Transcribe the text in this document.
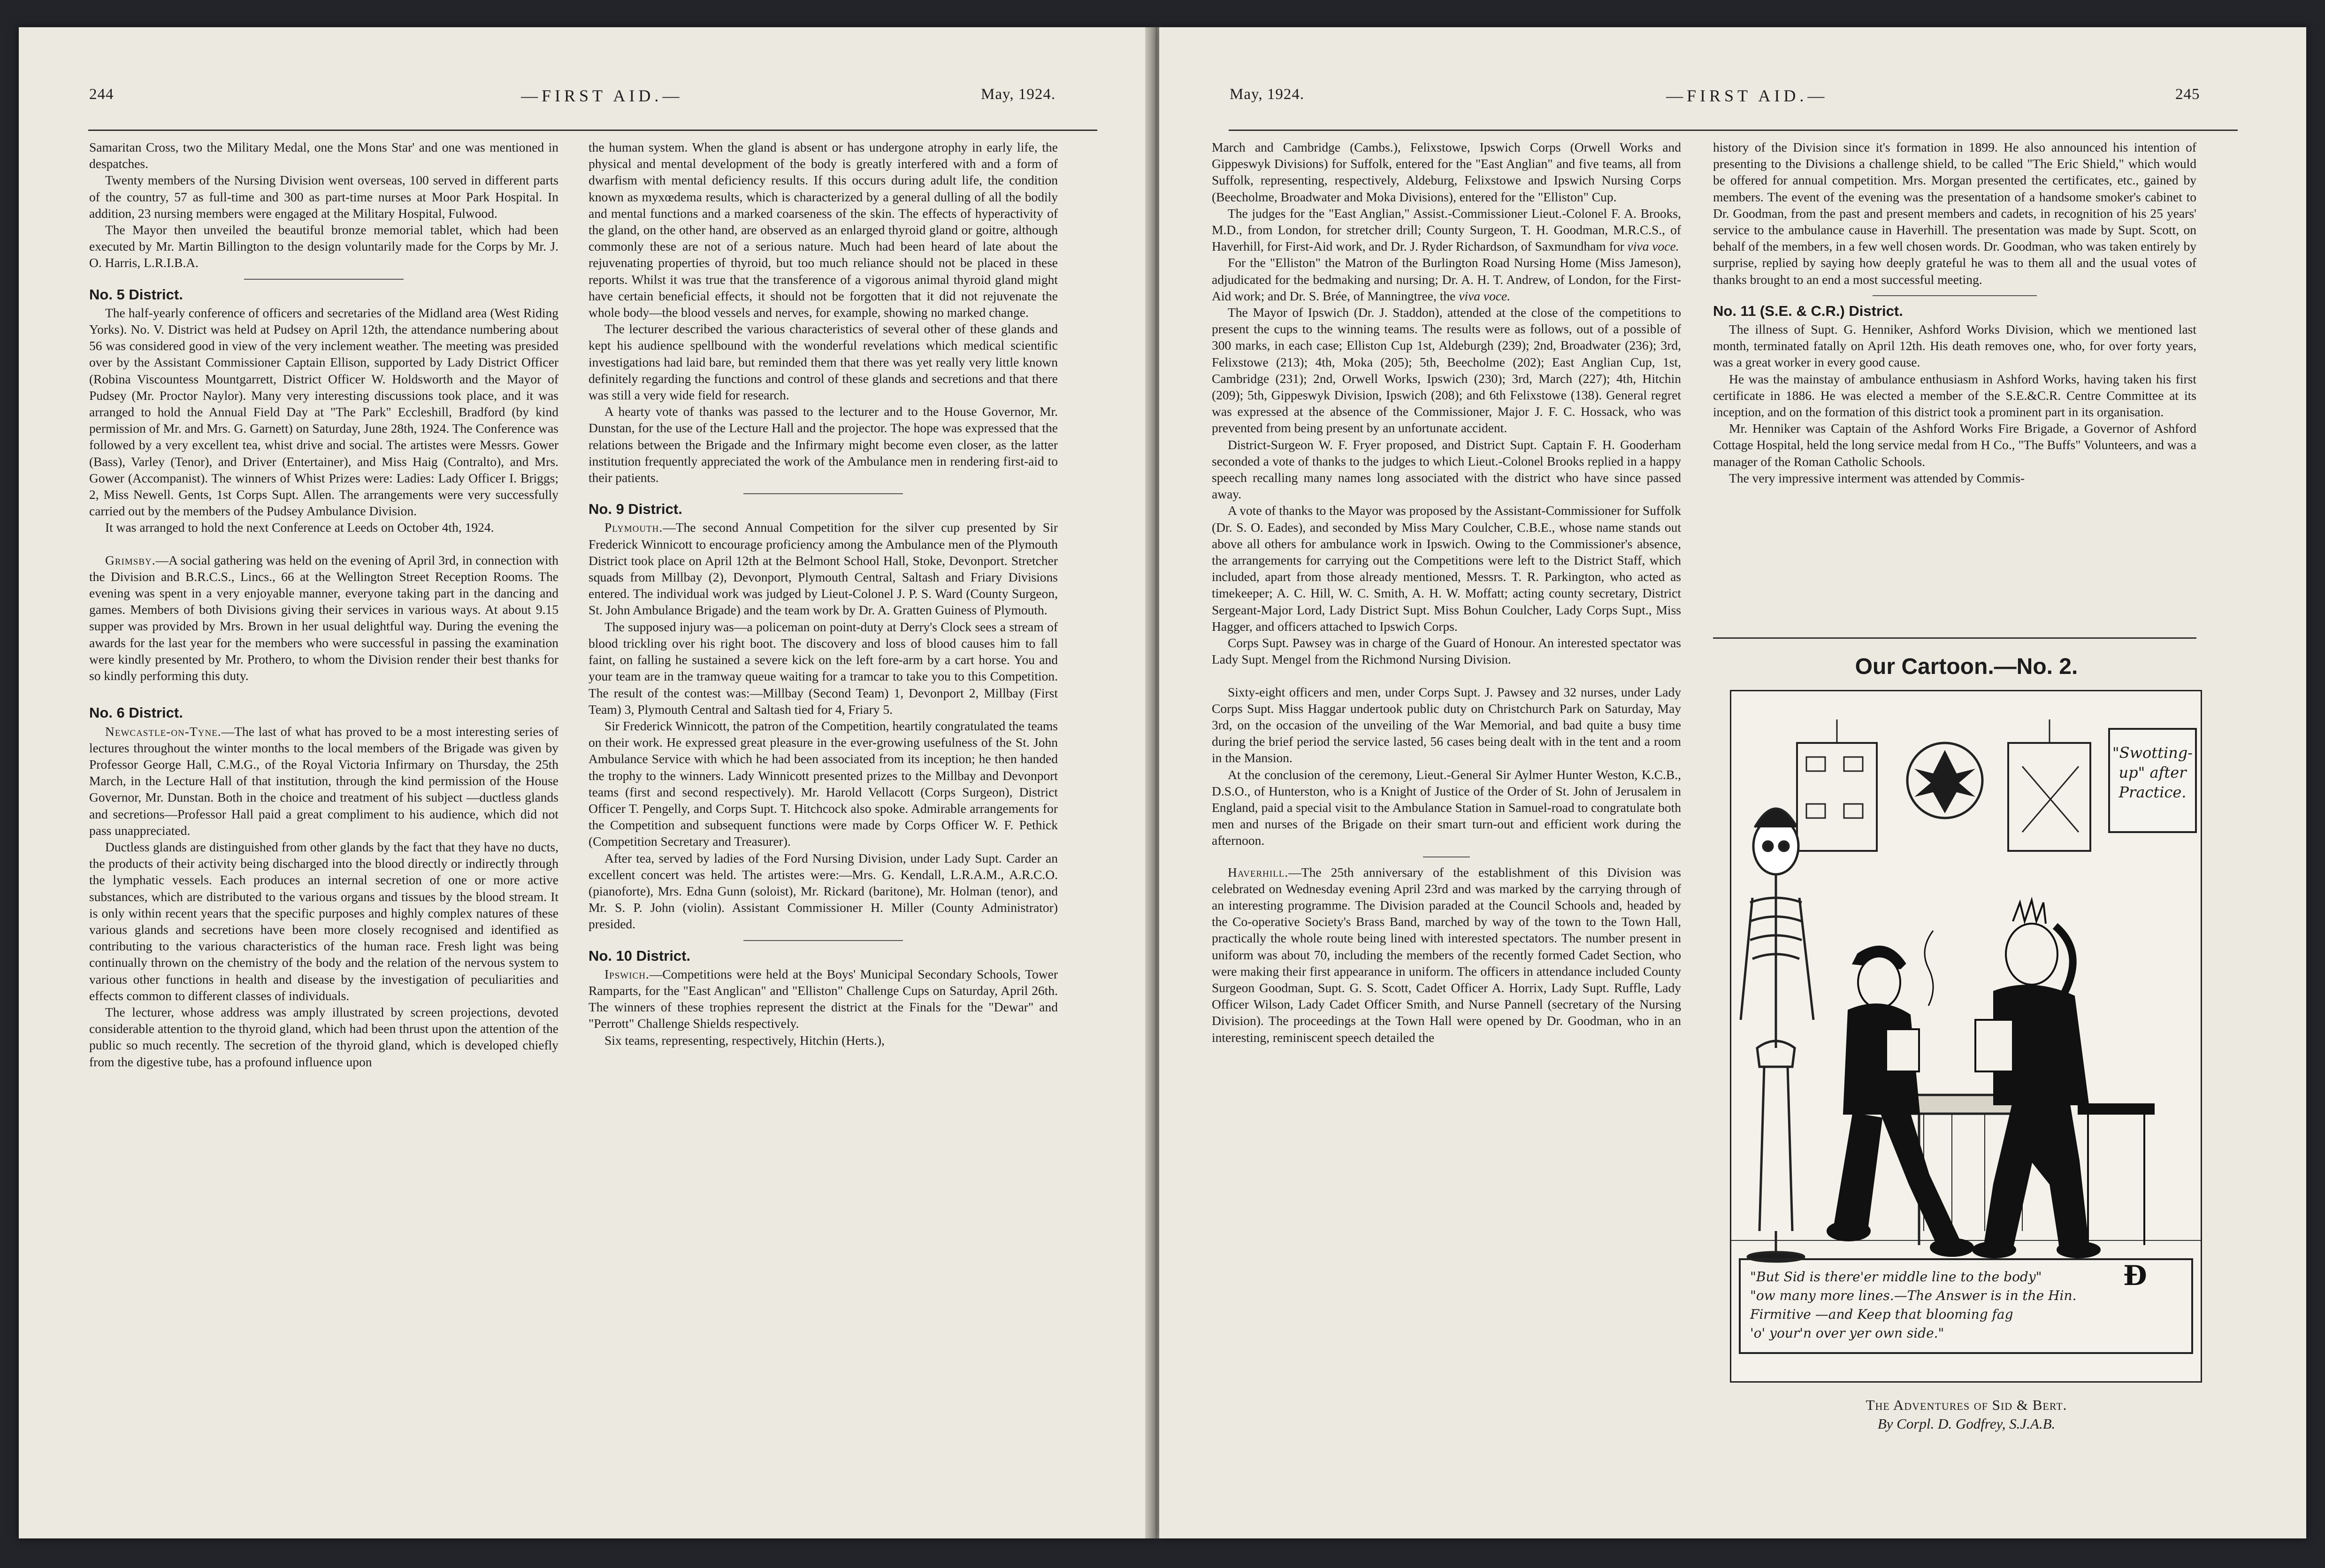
244	—FIRST AID.—	May, 1924.

Samaritan Cross, two the Military Medal, one the Mons Star' and one was mentioned in despatches.

Twenty members of the Nursing Division went overseas, 100 served in different parts of the country, 57 as full-time and 300 as part-time nurses at Moor Park Hospital. In addition, 23 nursing members were engaged at the Military Hospital, Fulwood.

The Mayor then unveiled the beautiful bronze memorial tablet, which had been executed by Mr. Martin Billington to the design voluntarily made for the Corps by Mr. J. O. Harris, L.R.I.B.A.

No. 5 District.

The half-yearly conference of officers and secretaries of the Midland area (West Riding Yorks). No. V. District was held at Pudsey on April 12th, the attendance numbering about 56 was considered good in view of the very inclement weather. The meeting was presided over by the Assistant Commissioner Captain Ellison, supported by Lady District Officer (Robina Viscountess Mountgarrett, District Officer W. Holdsworth and the Mayor of Pudsey (Mr. Proctor Naylor). Many very interesting discussions took place, and it was arranged to hold the Annual Field Day at "The Park" Eccleshill, Bradford (by kind permission of Mr. and Mrs. G. Garnett) on Saturday, June 28th, 1924. The Conference was followed by a very excellent tea, whist drive and social. The artistes were Messrs. Gower (Bass), Varley (Tenor), and Driver (Entertainer), and Miss Haig (Contralto), and Mrs. Gower (Accompanist). The winners of Whist Prizes were: Ladies: Lady Officer I. Briggs; 2, Miss Newell. Gents, 1st Corps Supt. Allen. The arrangements were very successfully carried out by the members of the Pudsey Ambulance Division.

It was arranged to hold the next Conference at Leeds on October 4th, 1924.

Grimsby.—A social gathering was held on the evening of April 3rd, in connection with the Division and B.R.C.S., Lincs., 66 at the Wellington Street Reception Rooms. The evening was spent in a very enjoyable manner, everyone taking part in the dancing and games. Members of both Divisions giving their services in various ways. At about 9.15 supper was provided by Mrs. Brown in her usual delightful way. During the evening the awards for the last year for the members who were successful in passing the examination were kindly presented by Mr. Prothero, to whom the Division render their best thanks for so kindly performing this duty.

No. 6 District.

Newcastle-on-Tyne.—The last of what has proved to be a most interesting series of lectures throughout the winter months to the local members of the Brigade was given by Professor George Hall, C.M.G., of the Royal Victoria Infirmary on Thursday, the 25th March, in the Lecture Hall of that institution, through the kind permission of the House Governor, Mr. Dunstan. Both in the choice and treatment of his subject —ductless glands and secretions—Professor Hall paid a great compliment to his audience, which did not pass unappreciated.

Ductless glands are distinguished from other glands by the fact that they have no ducts, the products of their activity being discharged into the blood directly or indirectly through the lymphatic vessels. Each produces an internal secretion of one or more active substances, which are distributed to the various organs and tissues by the blood stream. It is only within recent years that the specific purposes and highly complex natures of these various glands and secretions have been more closely recognised and identified as contributing to the various characteristics of the human race. Fresh light was being continually thrown on the chemistry of the body and the relation of the nervous system to various other functions in health and disease by the investigation of peculiarities and effects common to different classes of individuals.

The lecturer, whose address was amply illustrated by screen projections, devoted considerable attention to the thyroid gland, which had been thrust upon the attention of the public so much recently. The secretion of the thyroid gland, which is developed chiefly from the digestive tube, has a profound influence upon

the human system. When the gland is absent or has undergone atrophy in early life, the physical and mental development of the body is greatly interfered with and a form of dwarfism with mental deficiency results. If this occurs during adult life, the condition known as myxœdema results, which is characterized by a general dulling of all the bodily and mental functions and a marked coarseness of the skin. The effects of hyperactivity of the gland, on the other hand, are observed as an enlarged thyroid gland or goitre, although commonly these are not of a serious nature. Much had been heard of late about the rejuvenating properties of thyroid, but too much reliance should not be placed in these reports. Whilst it was true that the transference of a vigorous animal thyroid gland might have certain beneficial effects, it should not be forgotten that it did not rejuvenate the whole body—the blood vessels and nerves, for example, showing no marked change.

The lecturer described the various characteristics of several other of these glands and kept his audience spellbound with the wonderful revelations which medical scientific investigations had laid bare, but reminded them that there was yet really very little known definitely regarding the functions and control of these glands and secretions and that there was still a very wide field for research.

A hearty vote of thanks was passed to the lecturer and to the House Governor, Mr. Dunstan, for the use of the Lecture Hall and the projector. The hope was expressed that the relations between the Brigade and the Infirmary might become even closer, as the latter institution frequently appreciated the work of the Ambulance men in rendering first-aid to their patients.

No. 9 District.

Plymouth.—The second Annual Competition for the silver cup presented by Sir Frederick Winnicott to encourage proficiency among the Ambulance men of the Plymouth District took place on April 12th at the Belmont School Hall, Stoke, Devonport. Stretcher squads from Millbay (2), Devonport, Plymouth Central, Saltash and Friary Divisions entered. The individual work was judged by Lieut-Colonel J. P. S. Ward (County Surgeon, St. John Ambulance Brigade) and the team work by Dr. A. Gratten Guiness of Plymouth.

The supposed injury was—a policeman on point-duty at Derry's Clock sees a stream of blood trickling over his right boot. The discovery and loss of blood causes him to fall faint, on falling he sustained a severe kick on the left fore-arm by a cart horse. You and your team are in the tramway queue waiting for a tramcar to take you to this Competition. The result of the contest was:—Millbay (Second Team) 1, Devonport 2, Millbay (First Team) 3, Plymouth Central and Saltash tied for 4, Friary 5.

Sir Frederick Winnicott, the patron of the Competition, heartily congratulated the teams on their work. He expressed great pleasure in the ever-growing usefulness of the St. John Ambulance Service with which he had been associated from its inception; he then handed the trophy to the winners. Lady Winnicott presented prizes to the Millbay and Devonport teams (first and second respectively). Mr. Harold Vellacott (Corps Surgeon), District Officer T. Pengelly, and Corps Supt. T. Hitchcock also spoke. Admirable arrangements for the Competition and subsequent functions were made by Corps Officer W. F. Pethick (Competition Secretary and Treasurer).

After tea, served by ladies of the Ford Nursing Division, under Lady Supt. Carder an excellent concert was held. The artistes were:—Mrs. G. Kendall, L.R.A.M., A.R.C.O. (pianoforte), Mrs. Edna Gunn (soloist), Mr. Rickard (baritone), Mr. Holman (tenor), and Mr. S. P. John (violin). Assistant Commissioner H. Miller (County Administrator) presided.

No. 10 District.

Ipswich.—Competitions were held at the Boys' Municipal Secondary Schools, Tower Ramparts, for the "East Anglican" and "Elliston" Challenge Cups on Saturday, April 26th. The winners of these trophies represent the district at the Finals for the "Dewar" and "Perrott" Challenge Shields respectively.

Six teams, representing, respectively, Hitchin (Herts.),

May, 1924.	—FIRST AID.—	245

March and Cambridge (Cambs.), Felixstowe, Ipswich Corps (Orwell Works and Gippeswyk Divisions) for Suffolk, entered for the "East Anglian" and five teams, all from Suffolk, representing, respectively, Aldeburg, Felixstowe and Ipswich Nursing Corps (Beecholme, Broadwater and Moka Divisions), entered for the "Elliston" Cup.

The judges for the "East Anglian," Assist.-Commissioner Lieut.-Colonel F. A. Brooks, M.D., from London, for stretcher drill; County Surgeon, T. H. Goodman, M.R.C.S., of Haverhill, for First-Aid work, and Dr. J. Ryder Richardson, of Saxmundham for viva voce.

For the "Elliston" the Matron of the Burlington Road Nursing Home (Miss Jameson), adjudicated for the bedmaking and nursing; Dr. A. H. T. Andrew, of London, for the First-Aid work; and Dr. S. Brée, of Manningtree, the viva voce.

The Mayor of Ipswich (Dr. J. Staddon), attended at the close of the competitions to present the cups to the winning teams. The results were as follows, out of a possible of 300 marks, in each case; Elliston Cup 1st, Aldeburgh (239); 2nd, Broadwater (236); 3rd, Felixstowe (213); 4th, Moka (205); 5th, Beecholme (202); East Anglian Cup, 1st, Cambridge (231); 2nd, Orwell Works, Ipswich (230); 3rd, March (227); 4th, Hitchin (209); 5th, Gippeswyk Division, Ipswich (208); and 6th Felixstowe (138). General regret was expressed at the absence of the Commissioner, Major J. F. C. Hossack, who was prevented from being present by an unfortunate accident.

District-Surgeon W. F. Fryer proposed, and District Supt. Captain F. H. Gooderham seconded a vote of thanks to the judges to which Lieut.-Colonel Brooks replied in a happy speech recalling many names long associated with the district who have since passed away.

A vote of thanks to the Mayor was proposed by the Assistant-Commissioner for Suffolk (Dr. S. O. Eades), and seconded by Miss Mary Coulcher, C.B.E., whose name stands out above all others for ambulance work in Ipswich. Owing to the Commissioner's absence, the arrangements for carrying out the Competitions were left to the District Staff, which included, apart from those already mentioned, Messrs. T. R. Parkington, who acted as timekeeper; A. C. Hill, W. C. Smith, A. H. W. Moffatt; acting county secretary, District Sergeant-Major Lord, Lady District Supt. Miss Bohun Coulcher, Lady Corps Supt., Miss Hagger, and officers attached to Ipswich Corps.

Corps Supt. Pawsey was in charge of the Guard of Honour. An interested spectator was Lady Supt. Mengel from the Richmond Nursing Division.

Sixty-eight officers and men, under Corps Supt. J. Pawsey and 32 nurses, under Lady Corps Supt. Miss Haggar undertook public duty on Christchurch Park on Saturday, May 3rd, on the occasion of the unveiling of the War Memorial, and bad quite a busy time during the brief period the service lasted, 56 cases being dealt with in the tent and a room in the Mansion.

At the conclusion of the ceremony, Lieut.-General Sir Aylmer Hunter Weston, K.C.B., D.S.O., of Hunterston, who is a Knight of Justice of the Order of St. John of Jerusalem in England, paid a special visit to the Ambulance Station in Samuel-road to congratulate both men and nurses of the Brigade on their smart turn-out and efficient work during the afternoon.

Haverhill.—The 25th anniversary of the establishment of this Division was celebrated on Wednesday evening April 23rd and was marked by the carrying through of an interesting programme. The Division paraded at the Council Schools and, headed by the Co-operative Society's Brass Band, marched by way of the town to the Town Hall, practically the whole route being lined with interested spectators. The number present in uniform was about 70, including the members of the recently formed Cadet Section, who were making their first appearance in uniform. The officers in attendance included County Surgeon Goodman, Supt. G. S. Scott, Cadet Officer A. Horrix, Lady Supt. Ruffle, Lady Officer Wilson, Lady Cadet Officer Smith, and Nurse Pannell (secretary of the Nursing Division). The proceedings at the Town Hall were opened by Dr. Goodman, who in an interesting, reminiscent speech detailed the

history of the Division since it's formation in 1899. He also announced his intention of presenting to the Divisions a challenge shield, to be called "The Eric Shield," which would be offered for annual competition. Mrs. Morgan presented the certificates, etc., gained by members. The event of the evening was the presentation of a handsome smoker's cabinet to Dr. Goodman, from the past and present members and cadets, in recognition of his 25 years' service to the ambulance cause in Haverhill. The presentation was made by Supt. Scott, on behalf of the members, in a few well chosen words. Dr. Goodman, who was taken entirely by surprise, replied by saying how deeply grateful he was to them all and the usual votes of thanks brought to an end a most successful meeting.

No. 11 (S.E. & C.R.) District.

The illness of Supt. G. Henniker, Ashford Works Division, which we mentioned last month, terminated fatally on April 12th. His death removes one, who, for over forty years, was a great worker in every good cause.

He was the mainstay of ambulance enthusiasm in Ashford Works, having taken his first certificate in 1886. He was elected a member of the S.E.&C.R. Centre Committee at its inception, and on the formation of this district took a prominent part in its organisation.

Mr. Henniker was Captain of the Ashford Works Fire Brigade, a Governor of Ashford Cottage Hospital, held the long service medal from H Co., "The Buffs" Volunteers, and was a manager of the Roman Catholic Schools.

The very impressive interment was attended by Commis-

Our Cartoon.—No. 2.
Ɖ
"Swotting-up" after Practice.
"But Sid is there'er middle line to the body"
"ow many more lines.—The Answer is in the Hin. Firmitive —and Keep that blooming fag
'o' your'n over yer own side."
The Adventures of Sid & Bert.
By Corpl. D. Godfrey, S.J.A.B.
